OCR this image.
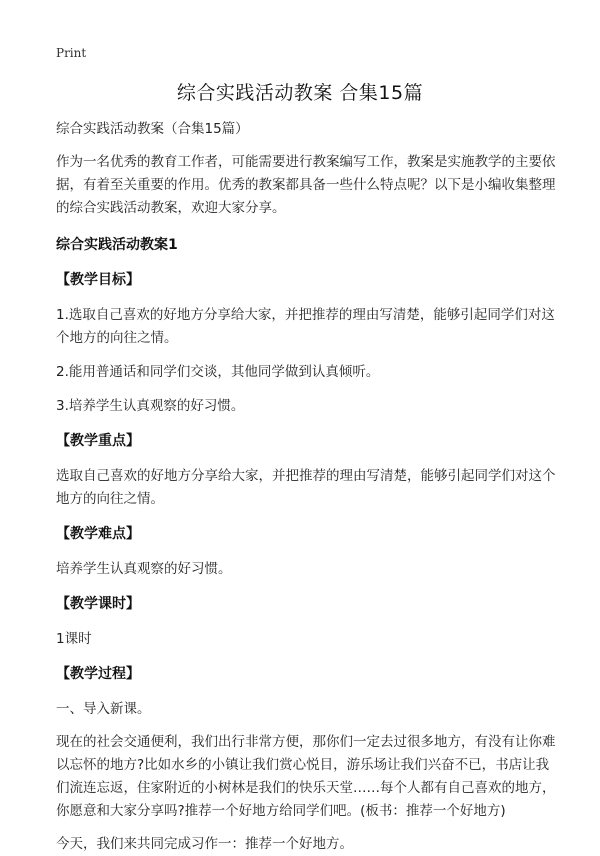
Print
综合实践活动教案 合集15篇

综合实践活动教案（合集15篇）

作为一名优秀的教育工作者，可能需要进行教案编写工作，教案是实施教学的主要依据，有着至关重要的作用。优秀的教案都具备一些什么特点呢？以下是小编收集整理的综合实践活动教案，欢迎大家分享。

综合实践活动教案1
【教学目标】

1.选取自己喜欢的好地方分享给大家，并把推荐的理由写清楚，能够引起同学们对这个地方的向往之情。

2.能用普通话和同学们交谈，其他同学做到认真倾听。

3.培养学生认真观察的好习惯。

【教学重点】

选取自己喜欢的好地方分享给大家，并把推荐的理由写清楚，能够引起同学们对这个地方的向往之情。

【教学难点】

培养学生认真观察的好习惯。

【教学课时】

1课时

【教学过程】

一、导入新课。

现在的社会交通便利，我们出行非常方便，那你们一定去过很多地方，有没有让你难以忘怀的地方?比如水乡的小镇让我们赏心悦目，游乐场让我们兴奋不已，书店让我们流连忘返，住家附近的小树林是我们的快乐天堂……每个人都有自己喜欢的地方，你愿意和大家分享吗?推荐一个好地方给同学们吧。(板书：推荐一个好地方)

今天，我们来共同完成习作一：推荐一个好地方。
